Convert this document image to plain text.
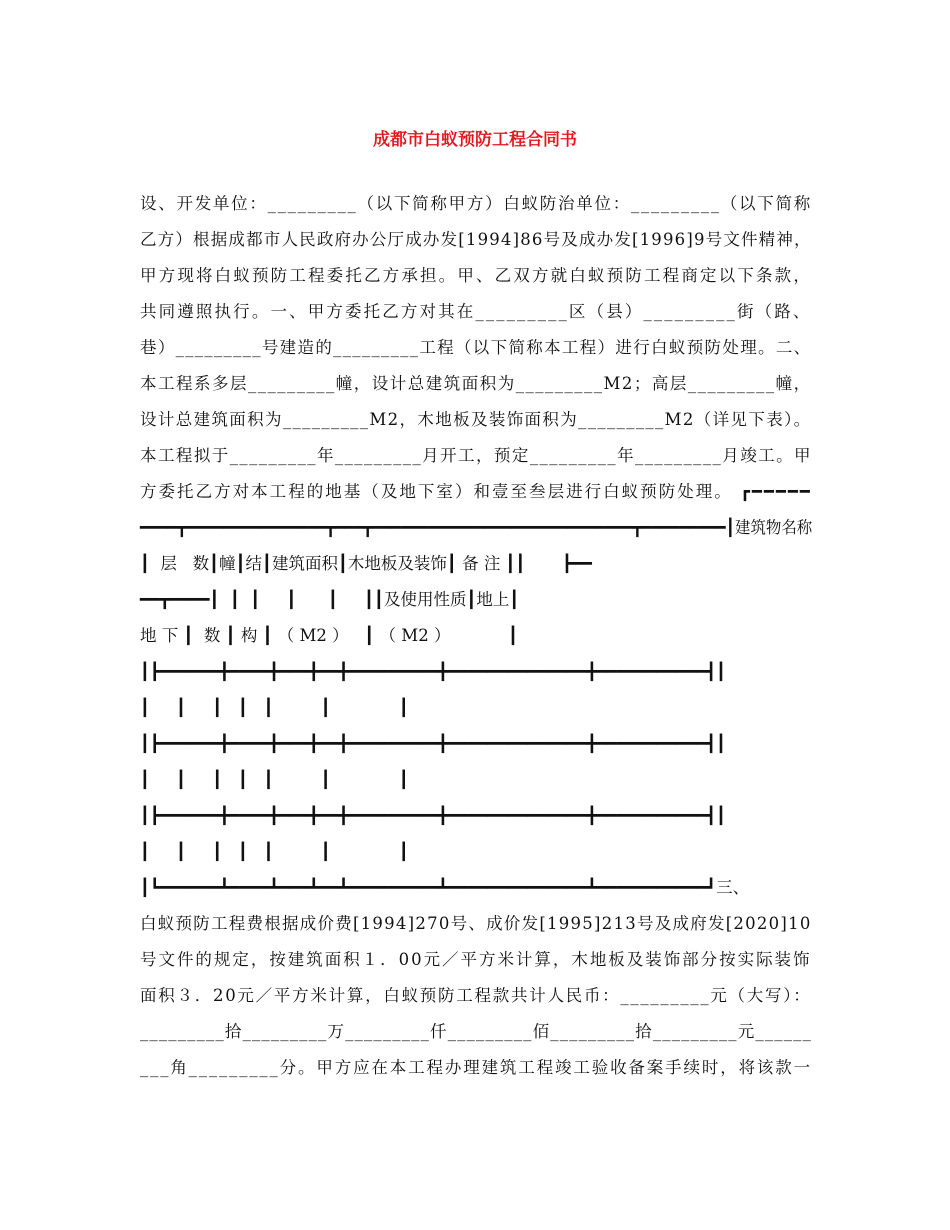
成都市白蚁预防工程合同书
设、开发单位：_________（以下简称甲方）白蚁防治单位：_________（以下简称
乙方）根据成都市人民政府办公厅成办发[1994]86号及成办发[1996]9号文件精神，
甲方现将白蚁预防工程委托乙方承担。甲、乙双方就白蚁预防工程商定以下条款，
共同遵照执行。一、甲方委托乙方对其在_________区（县）_________街（路、
巷）_________号建造的_________工程（以下简称本工程）进行白蚁预防处理。二、
本工程系多层_________幢，设计总建筑面积为_________M2；高层_________幢，
设计总建筑面积为_________M2，木地板及装饰面积为_________M2（详见下表）。
本工程拟于_________年_________月开工，预定_________年_________月竣工。甲
方委托乙方对本工程的地基（及地下室）和壹至叁层进行白蚁预防处理。 ┏━━━━━
━━━━┳━━━━━━━━━━━━━━━┳━━━┳━━━━━━━━━━━━━━━━━━━━━━━━━━━━┳━━━━━━━━━┃建筑物名称
┃  层   数┃幢┃结┃建筑面积┃木地板及装饰┃ 备 注 ┃┃       ┣━━
━━┳━━━━┃  ┃  ┃     ┃      ┃     ┃┃及使用性质┃地上┃
地 下 ┃  数 ┃ 构 ┃ （ M2 ）   ┃ （ M2 ）           ┃
┃┣━━━━━━╋━━━━╋━━━╋━━╋━━━━━━━━━╋━━━━━━━━━━━━━━╋━━━━━━━━━━━┫┃
┃     ┃     ┃   ┃   ┃         ┃             ┃
┃┣━━━━━━╋━━━━╋━━━╋━━╋━━━━━━━━━╋━━━━━━━━━━━━━━╋━━━━━━━━━━━┫┃
┃     ┃     ┃   ┃   ┃         ┃             ┃
┃┣━━━━━━╋━━━━╋━━━╋━━╋━━━━━━━━━╋━━━━━━━━━━━━━━╋━━━━━━━━━━━┫┃
┃     ┃     ┃   ┃   ┃         ┃             ┃
┃┗━━━━━━┻━━━━┻━━━┻━━┻━━━━━━━━━┻━━━━━━━━━━━━━━┻━━━━━━━━━━━┛三、
白蚁预防工程费根据成价费[1994]270号、成价发[1995]213号及成府发[2020]10
号文件的规定，按建筑面积１．00元／平方米计算，木地板及装饰部分按实际装饰
面积３．20元／平方米计算，白蚁预防工程款共计人民币：_________元（大写）：
_________拾_________万_________仟_________佰_________拾_________元______
___角_________分。甲方应在本工程办理建筑工程竣工验收备案手续时，将该款一
